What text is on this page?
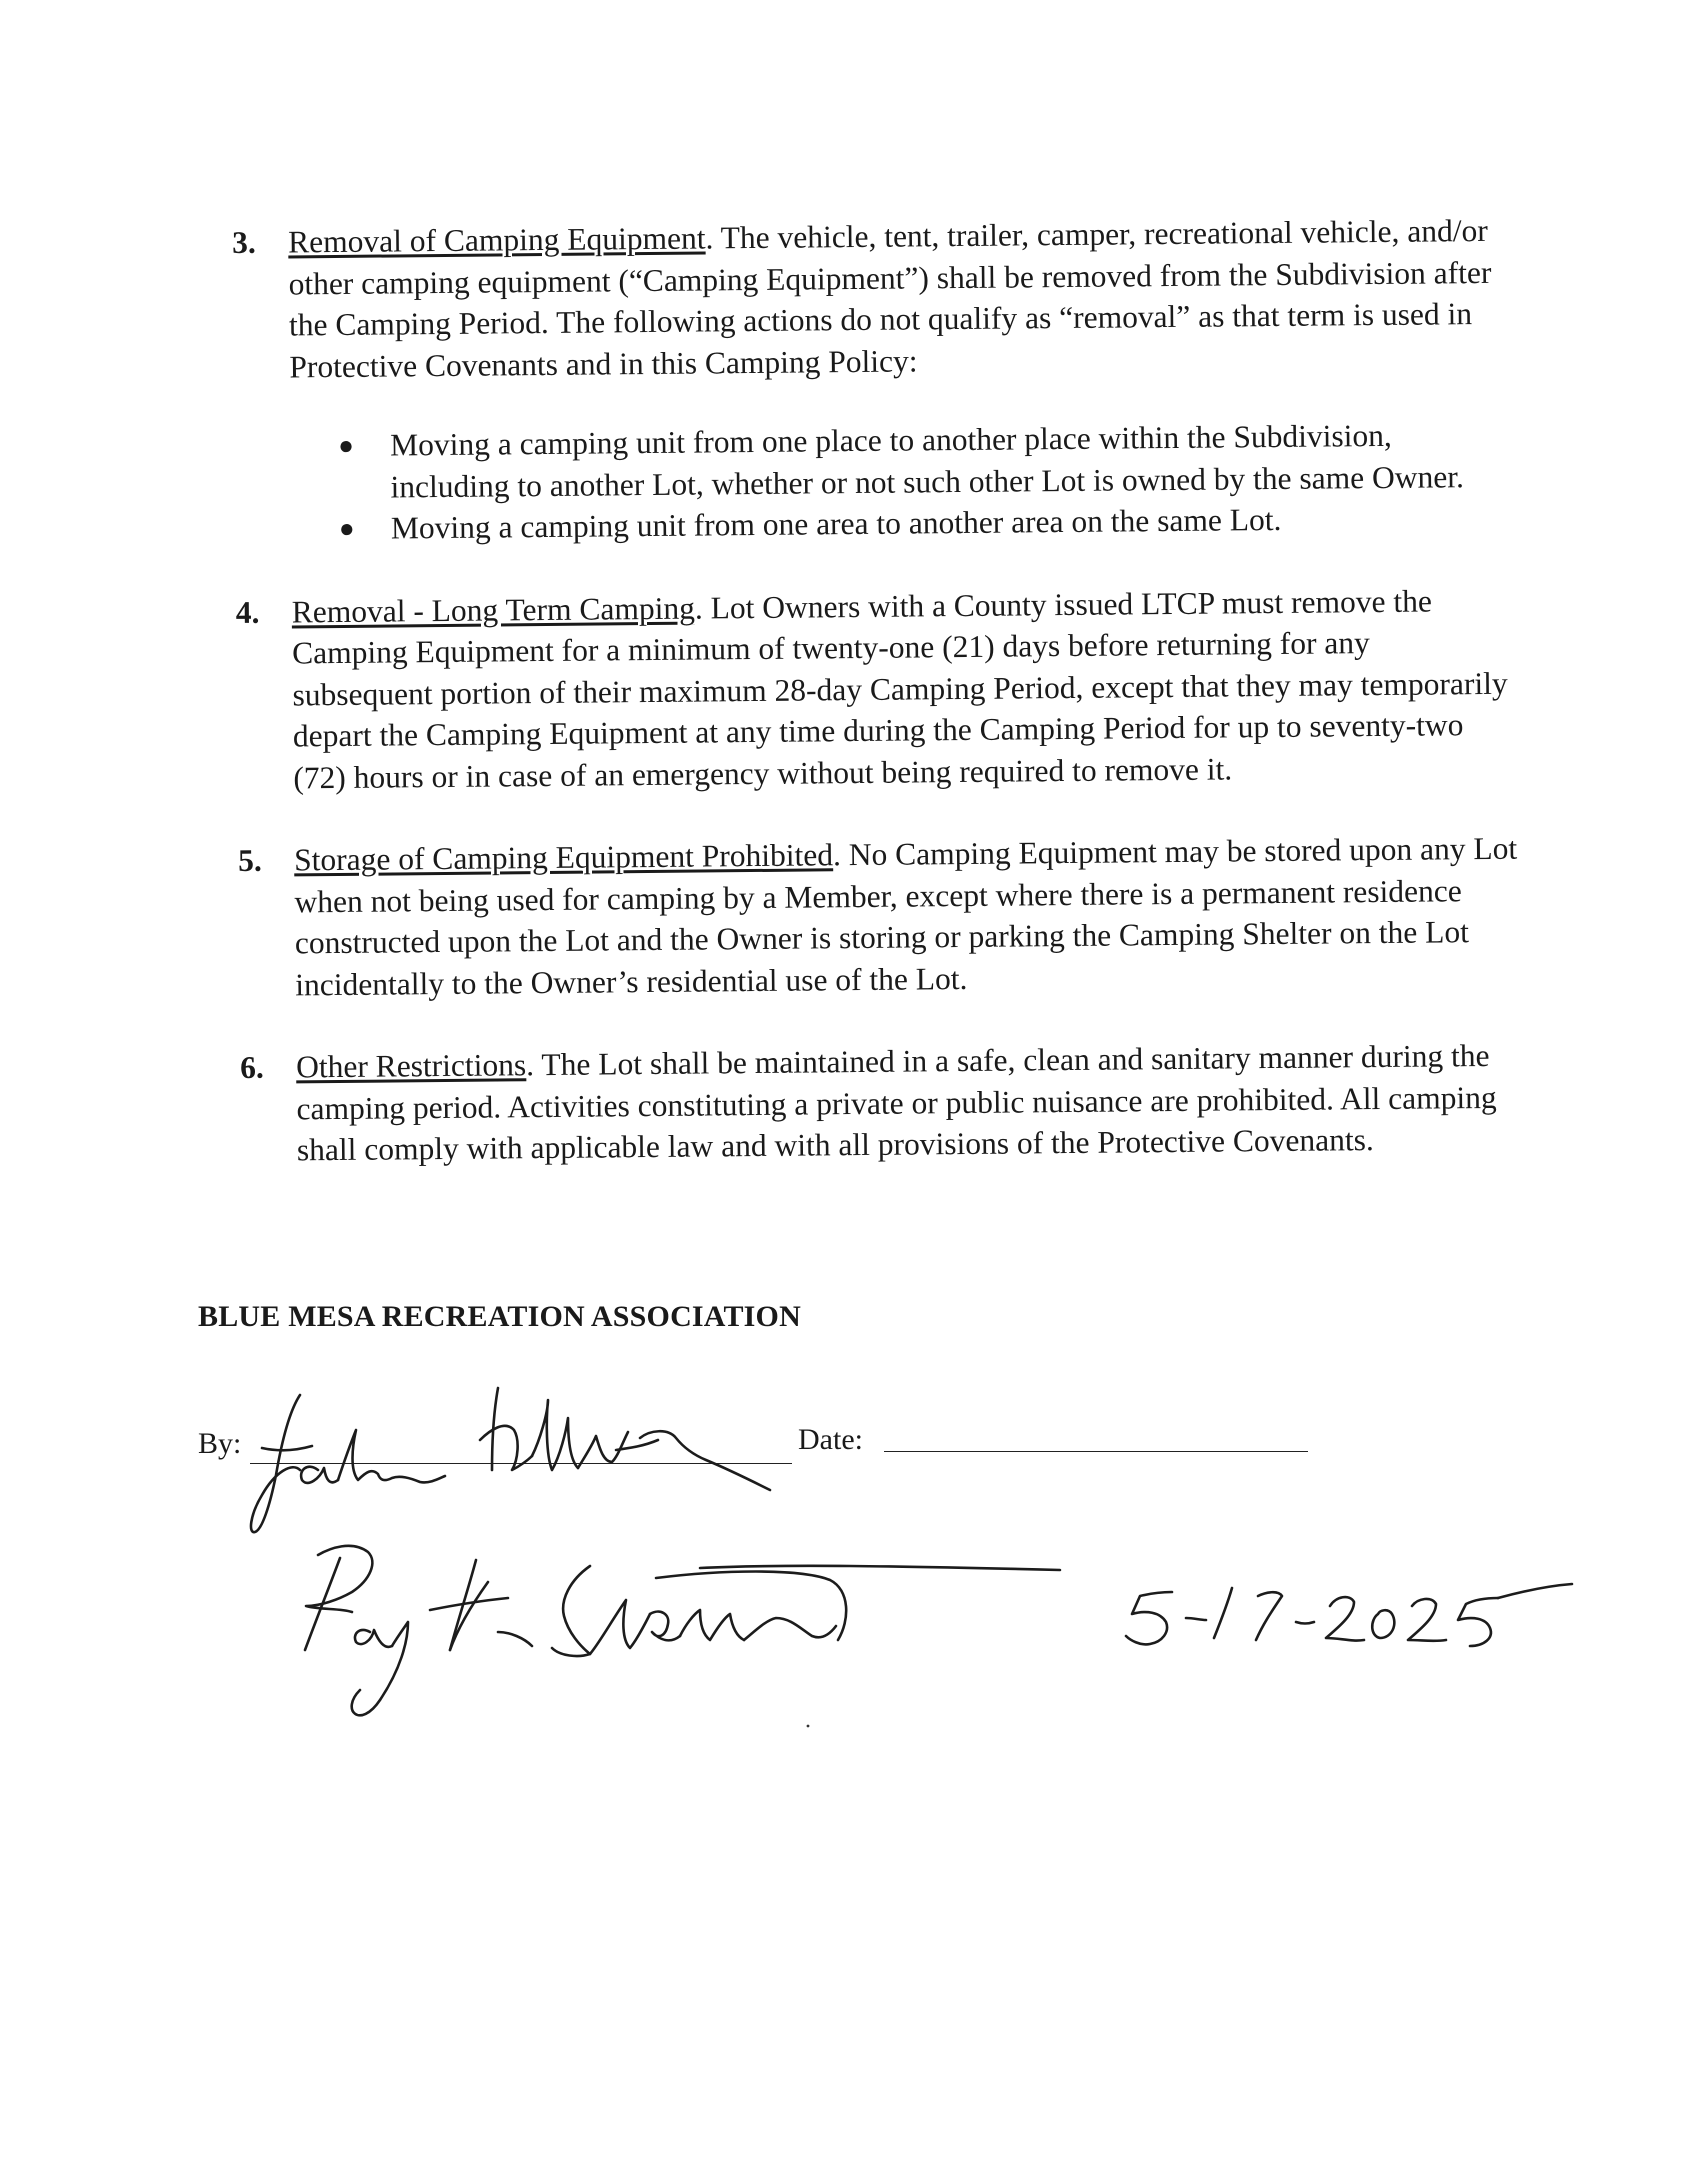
3. Removal of Camping Equipment. The vehicle, tent, trailer, camper, recreational vehicle, and/or other camping equipment (“Camping Equipment”) shall be removed from the Subdivision after the Camping Period. The following actions do not qualify as “removal” as that term is used in Protective Covenants and in this Camping Policy:
● Moving a camping unit from one place to another place within the Subdivision, including to another Lot, whether or not such other Lot is owned by the same Owner.
● Moving a camping unit from one area to another area on the same Lot.
4. Removal - Long Term Camping. Lot Owners with a County issued LTCP must remove the Camping Equipment for a minimum of twenty-one (21) days before returning for any subsequent portion of their maximum 28-day Camping Period, except that they may temporarily depart the Camping Equipment at any time during the Camping Period for up to seventy-two (72) hours or in case of an emergency without being required to remove it.
5. Storage of Camping Equipment Prohibited. No Camping Equipment may be stored upon any Lot when not being used for camping by a Member, except where there is a permanent residence constructed upon the Lot and the Owner is storing or parking the Camping Shelter on the Lot incidentally to the Owner’s residential use of the Lot.
6. Other Restrictions. The Lot shall be maintained in a safe, clean and sanitary manner during the camping period. Activities constituting a private or public nuisance are prohibited. All camping shall comply with applicable law and with all provisions of the Protective Covenants.
BLUE MESA RECREATION ASSOCIATION
By:	Date:
